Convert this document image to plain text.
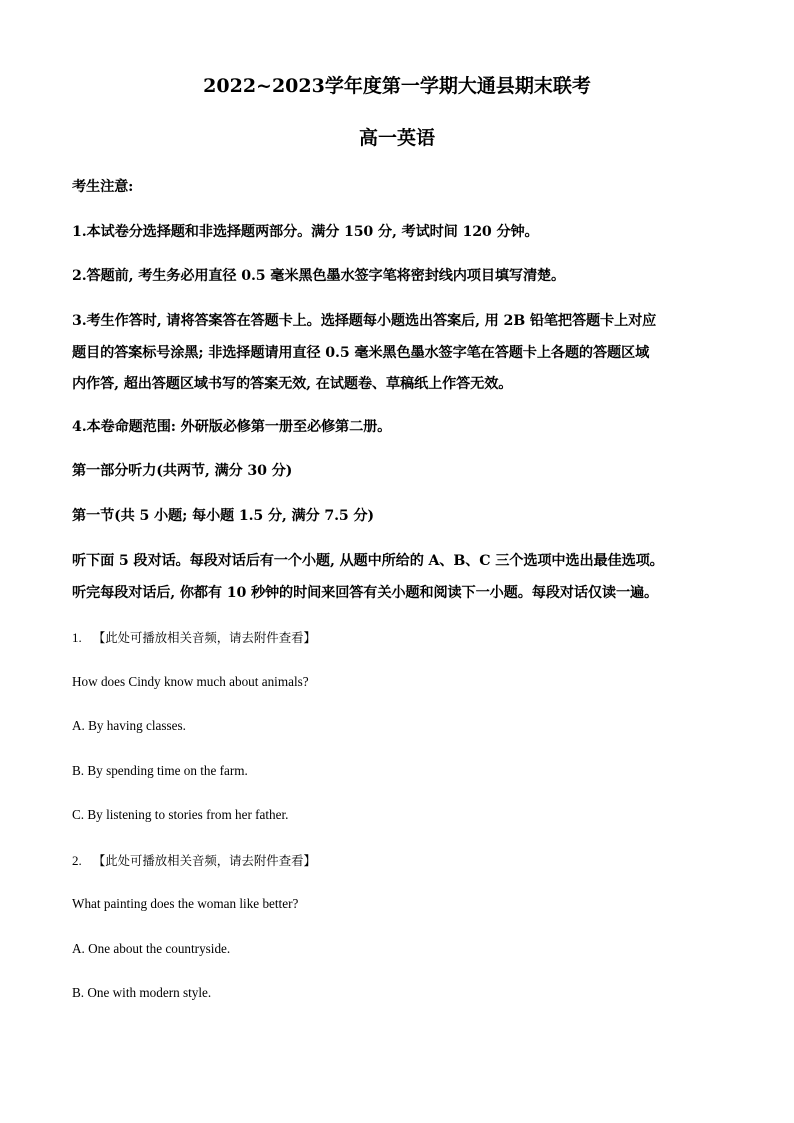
2022~2023学年度第一学期大通县期末联考
高一英语
考生注意:
1.本试卷分选择题和非选择题两部分。满分 150 分, 考试时间 120 分钟。
2.答题前, 考生务必用直径 0.5 毫米黑色墨水签字笔将密封线内项目填写清楚。
3.考生作答时, 请将答案答在答题卡上。选择题每小题选出答案后, 用 2B 铅笔把答题卡上对应
题目的答案标号涂黑; 非选择题请用直径 0.5 毫米黑色墨水签字笔在答题卡上各题的答题区域
内作答, 超出答题区域书写的答案无效, 在试题卷、草稿纸上作答无效。
4.本卷命题范围: 外研版必修第一册至必修第二册。
第一部分听力(共两节, 满分 30 分)
第一节(共 5 小题; 每小题 1.5 分, 满分 7.5 分)
听下面 5 段对话。每段对话后有一个小题, 从题中所给的 A、B、C 三个选项中选出最佳选项。
听完每段对话后, 你都有 10 秒钟的时间来回答有关小题和阅读下一小题。每段对话仅读一遍。
1. 【此处可播放相关音频，请去附件查看】
How does Cindy know much about animals?
A. By having classes.
B. By spending time on the farm.
C. By listening to stories from her father.
2. 【此处可播放相关音频，请去附件查看】
What painting does the woman like better?
A. One about the countryside.
B. One with modern style.
